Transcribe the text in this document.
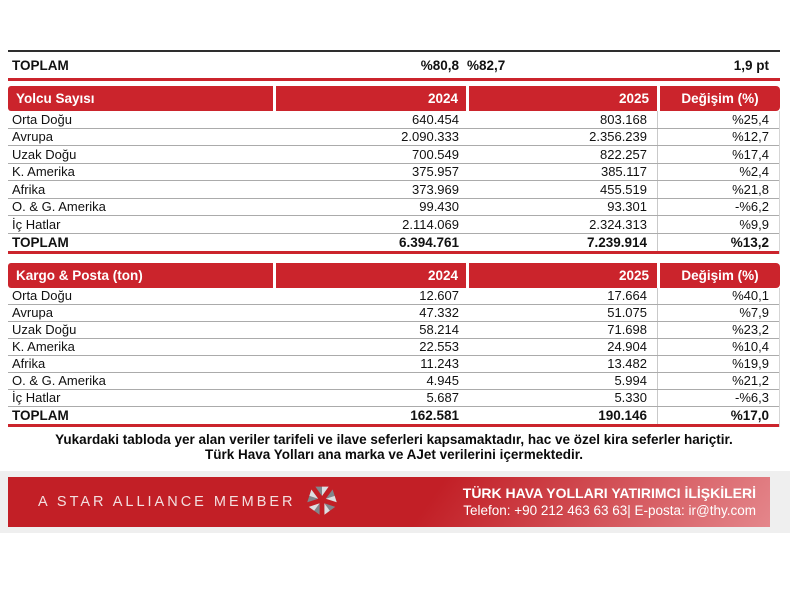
TOPLAM	%80,8 %82,7	1,9 pt
Yolcu Sayısı	2024	2025	Değişim (%)
Orta Doğu	640.454	803.168	%25,4
Avrupa	2.090.333	2.356.239	%12,7
Uzak Doğu	700.549	822.257	%17,4
K. Amerika	375.957	385.117	%2,4
Afrika	373.969	455.519	%21,8
O. & G. Amerika	99.430	93.301	-%6,2
İç Hatlar	2.114.069	2.324.313	%9,9
TOPLAM	6.394.761	7.239.914	%13,2
Kargo & Posta (ton)	2024	2025	Değişim (%)
Orta Doğu	12.607	17.664	%40,1
Avrupa	47.332	51.075	%7,9
Uzak Doğu	58.214	71.698	%23,2
K. Amerika	22.553	24.904	%10,4
Afrika	11.243	13.482	%19,9
O. & G. Amerika	4.945	5.994	%21,2
İç Hatlar	5.687	5.330	-%6,3
TOPLAM	162.581	190.146	%17,0
Yukardaki tabloda yer alan veriler tarifeli ve ilave seferleri kapsamaktadır, hac ve özel kira seferler hariçtir.
Türk Hava Yolları ana marka ve AJet verilerini içermektedir.
A STAR ALLIANCE MEMBER
TÜRK HAVA YOLLARI YATIRIMCI İLİŞKİLERİ
Telefon: +90 212 463 63 63| E-posta: ir@thy.com
